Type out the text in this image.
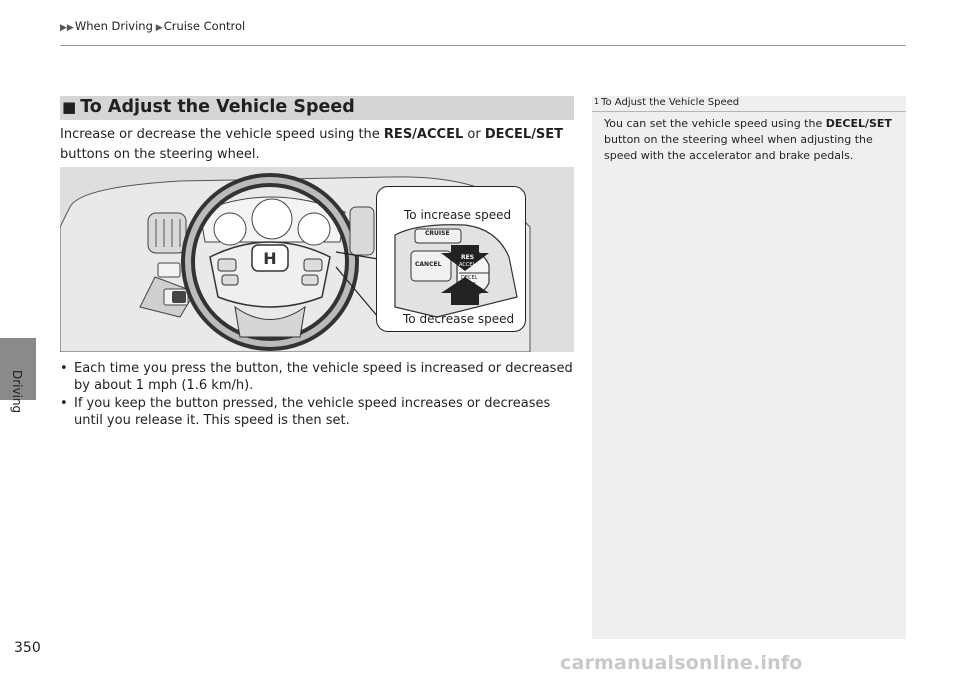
▶▶When Driving ▶Cruise Control
Driving
■ To Adjust the Vehicle Speed
Increase or decrease the vehicle speed using the RES/ACCEL or DECEL/SET buttons on the steering wheel.
H
CRUISE
CANCEL
RES
ACCEL
DECEL
SET
To increase speed
To decrease speed
• Each time you press the button, the vehicle speed is increased or decreased by about 1 mph (1.6 km/h).
• If you keep the button pressed, the vehicle speed increases or decreases until you release it. This speed is then set.
$^1$ To Adjust the Vehicle Speed
You can set the vehicle speed using the DECEL/SET button on the steering wheel when adjusting the speed with the accelerator and brake pedals.
350
carmanualsonline.info
